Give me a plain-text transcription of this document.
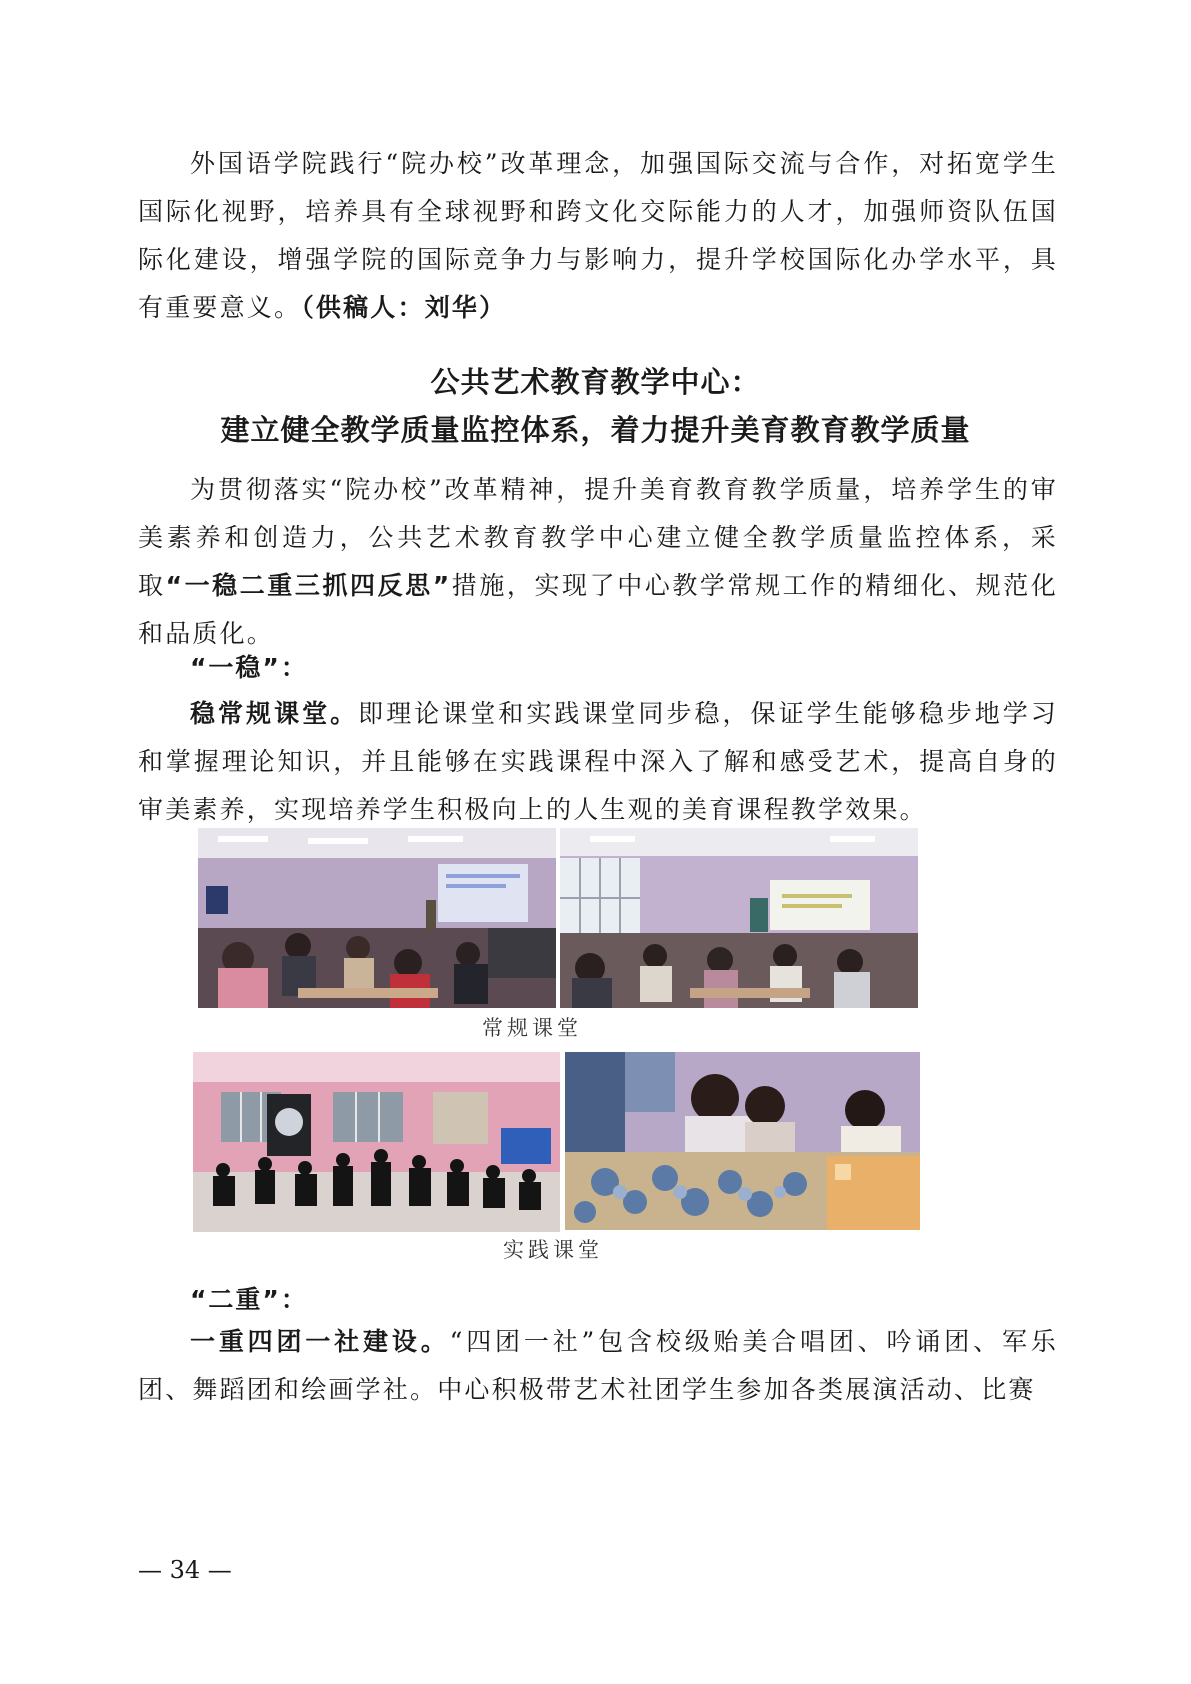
外国语学院践行“院办校”改革理念，加强国际交流与合作，对拓宽学生国际化视野，培养具有全球视野和跨文化交际能力的人才，加强师资队伍国际化建设，增强学院的国际竞争力与影响力，提升学校国际化办学水平，具有重要意义。（供稿人：刘华）

公共艺术教育教学中心：
建立健全教学质量监控体系，着力提升美育教育教学质量

为贯彻落实“院办校”改革精神，提升美育教育教学质量，培养学生的审美素养和创造力，公共艺术教育教学中心建立健全教学质量监控体系，采取“一稳二重三抓四反思”措施，实现了中心教学常规工作的精细化、规范化和品质化。

“一稳”：

稳常规课堂。即理论课堂和实践课堂同步稳，保证学生能够稳步地学习和掌握理论知识，并且能够在实践课程中深入了解和感受艺术，提高自身的审美素养，实现培养学生积极向上的人生观的美育课程教学效果。

常规课堂

实践课堂

“二重”：

一重四团一社建设。“四团一社”包含校级贻美合唱团、吟诵团、军乐团、舞蹈团和绘画学社。中心积极带艺术社团学生参加各类展演活动、比赛

— 34 —
